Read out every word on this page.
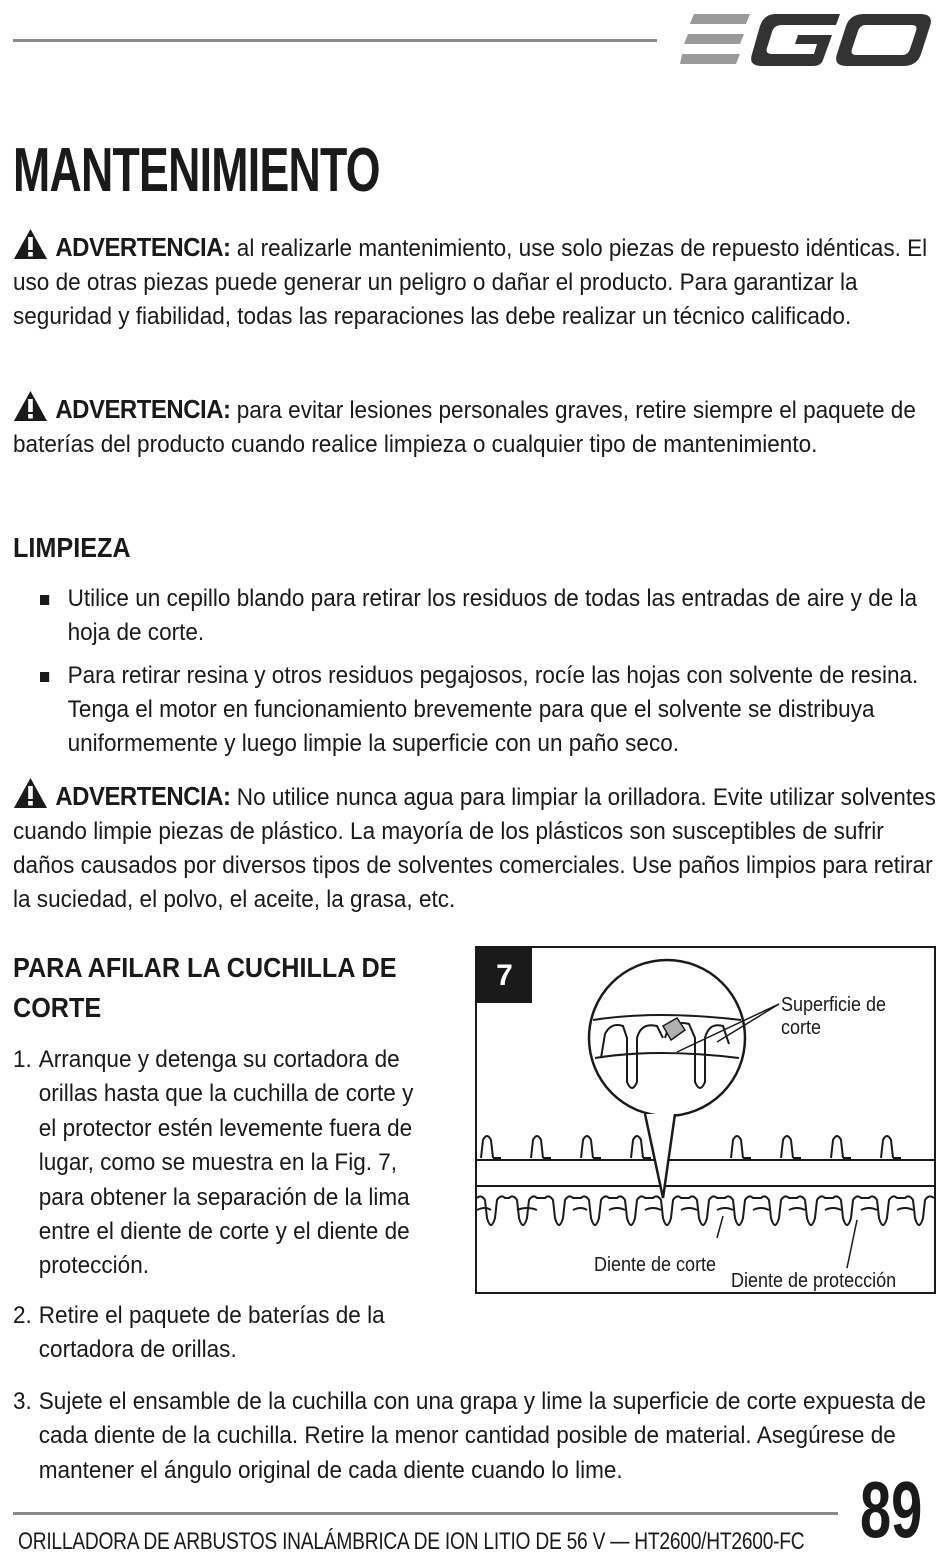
MANTENIMIENTO
ADVERTENCIA: al realizarle mantenimiento, use solo piezas de repuesto idénticas. El uso de otras piezas puede generar un peligro o dañar el producto. Para garantizar la seguridad y fiabilidad, todas las reparaciones las debe realizar un técnico calificado.
ADVERTENCIA: para evitar lesiones personales graves, retire siempre el paquete de baterías del producto cuando realice limpieza o cualquier tipo de mantenimiento.
LIMPIEZA
Utilice un cepillo blando para retirar los residuos de todas las entradas de aire y de la hoja de corte.
Para retirar resina y otros residuos pegajosos, rocíe las hojas con solvente de resina. Tenga el motor en funcionamiento brevemente para que el solvente se distribuya uniformemente y luego limpie la superficie con un paño seco.
ADVERTENCIA: No utilice nunca agua para limpiar la orilladora. Evite utilizar solventes cuando limpie piezas de plástico. La mayoría de los plásticos son susceptibles de sufrir daños causados por diversos tipos de solventes comerciales. Use paños limpios para retirar la suciedad, el polvo, el aceite, la grasa, etc.
PARA AFILAR LA CUCHILLA DE
CORTE
1. Arranque y detenga su cortadora de orillas hasta que la cuchilla de corte y el protector estén levemente fuera de lugar, como se muestra en la Fig. 7, para obtener la separación de la lima entre el diente de corte y el diente de protección.
2. Retire el paquete de baterías de la cortadora de orillas.
3. Sujete el ensamble de la cuchilla con una grapa y lime la superficie de corte expuesta de cada diente de la cuchilla. Retire la menor cantidad posible de material. Asegúrese de mantener el ángulo original de cada diente cuando lo lime.
7
Superficie de
corte
Diente de corte
Diente de protección
ORILLADORA DE ARBUSTOS INALÁMBRICA DE ION LITIO DE 56 V — HT2600/HT2600-FC 89
